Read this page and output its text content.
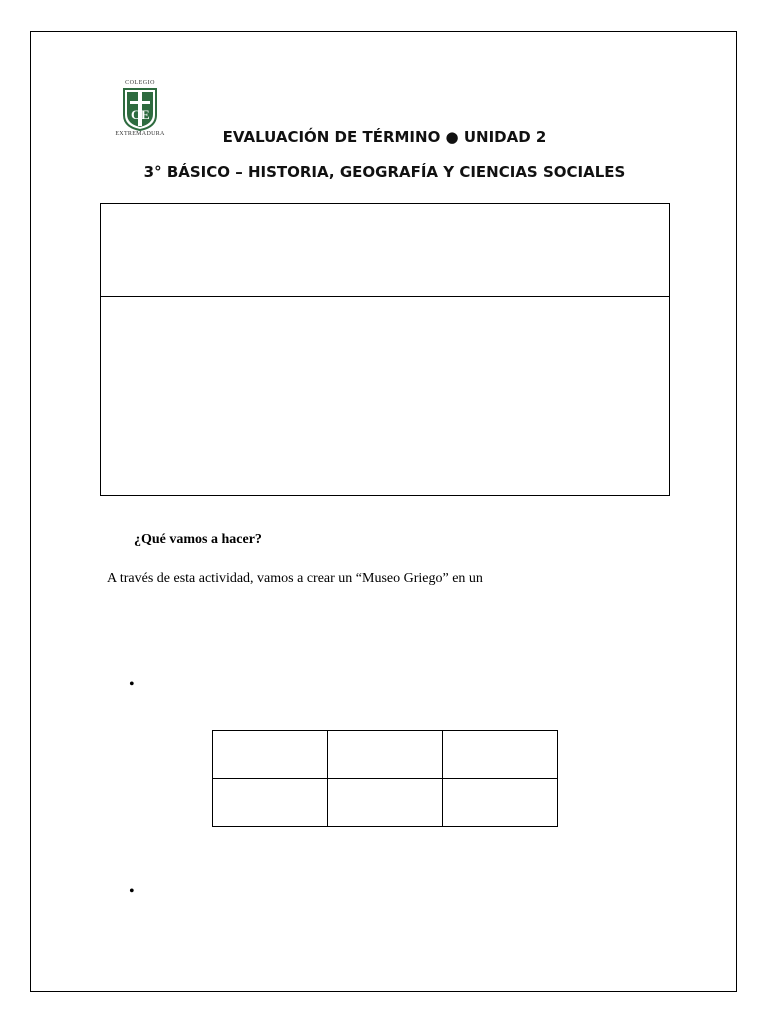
COLEGIO
C E
EXTREMADURA	EVALUACIÓN DE TÉRMINO ● UNIDAD 2
3° BÁSICO – HISTORIA, GEOGRAFÍA Y CIENCIAS SOCIALES
¿Qué vamos a hacer?
A través de esta actividad, vamos a crear un “Museo Griego” en un
•

•
